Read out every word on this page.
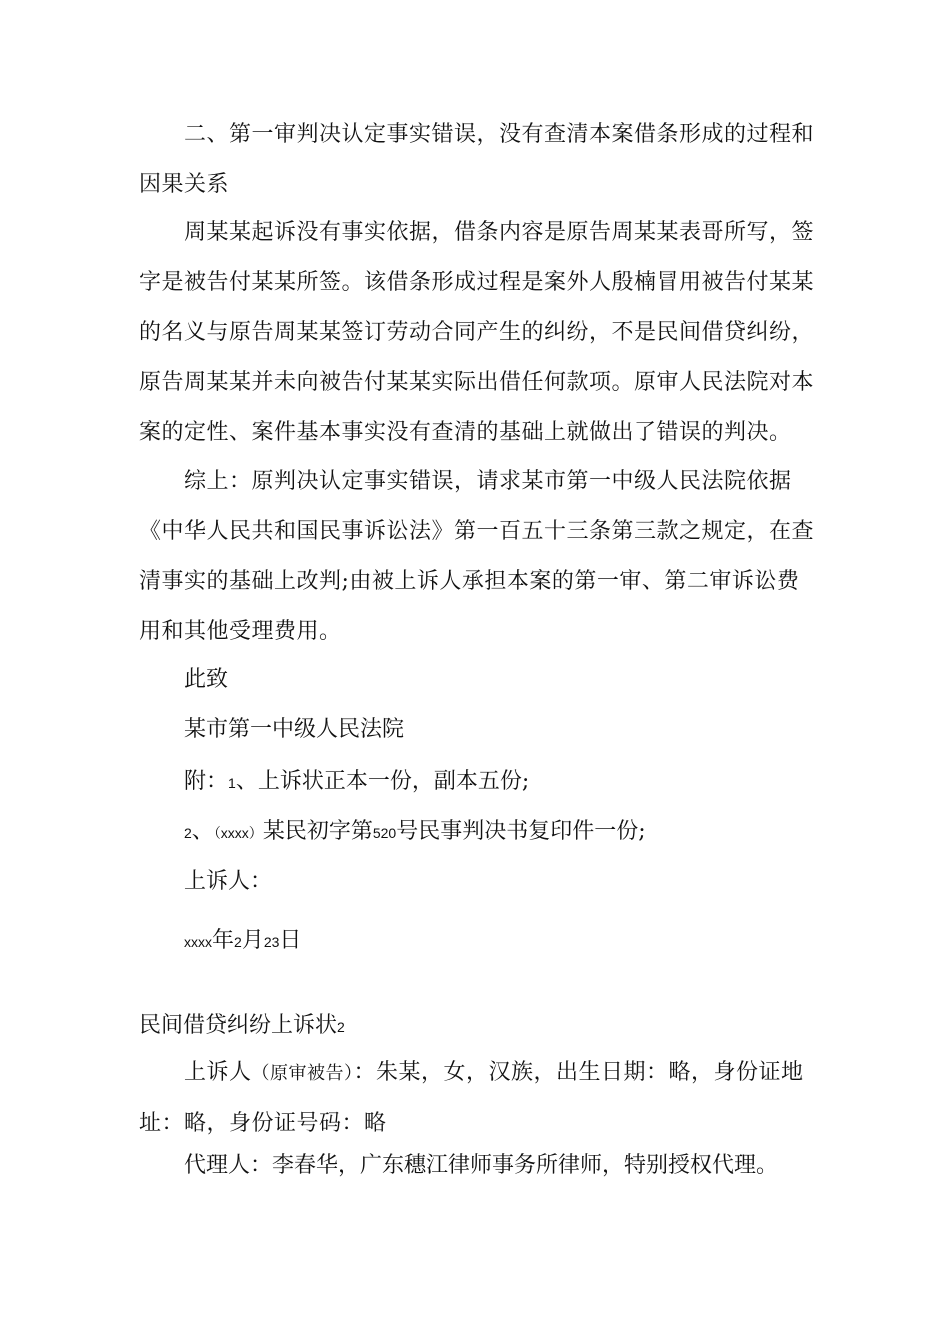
二、第一审判决认定事实错误，没有查清本案借条形成的过程和因果关系

周某某起诉没有事实依据，借条内容是原告周某某表哥所写，签字是被告付某某所签。该借条形成过程是案外人殷楠冒用被告付某某的名义与原告周某某签订劳动合同产生的纠纷，不是民间借贷纠纷，原告周某某并未向被告付某某实际出借任何款项。原审人民法院对本案的定性、案件基本事实没有查清的基础上就做出了错误的判决。

综上：原判决认定事实错误，请求某市第一中级人民法院依据《中华人民共和国民事诉讼法》第一百五十三条第三款之规定，在查清事实的基础上改判;由被上诉人承担本案的第一审、第二审诉讼费用和其他受理费用。

此致
某市第一中级人民法院
附：1、上诉状正本一份，副本五份;
2、（xxxx）某民初字第520号民事判决书复印件一份;
上诉人：
xxxx年2月23日
民间借贷纠纷上诉状2

上诉人（原审被告）：朱某，女，汉族，出生日期：略，身份证地址：略，身份证号码：略

代理人：李春华，广东穗江律师事务所律师，特别授权代理。
